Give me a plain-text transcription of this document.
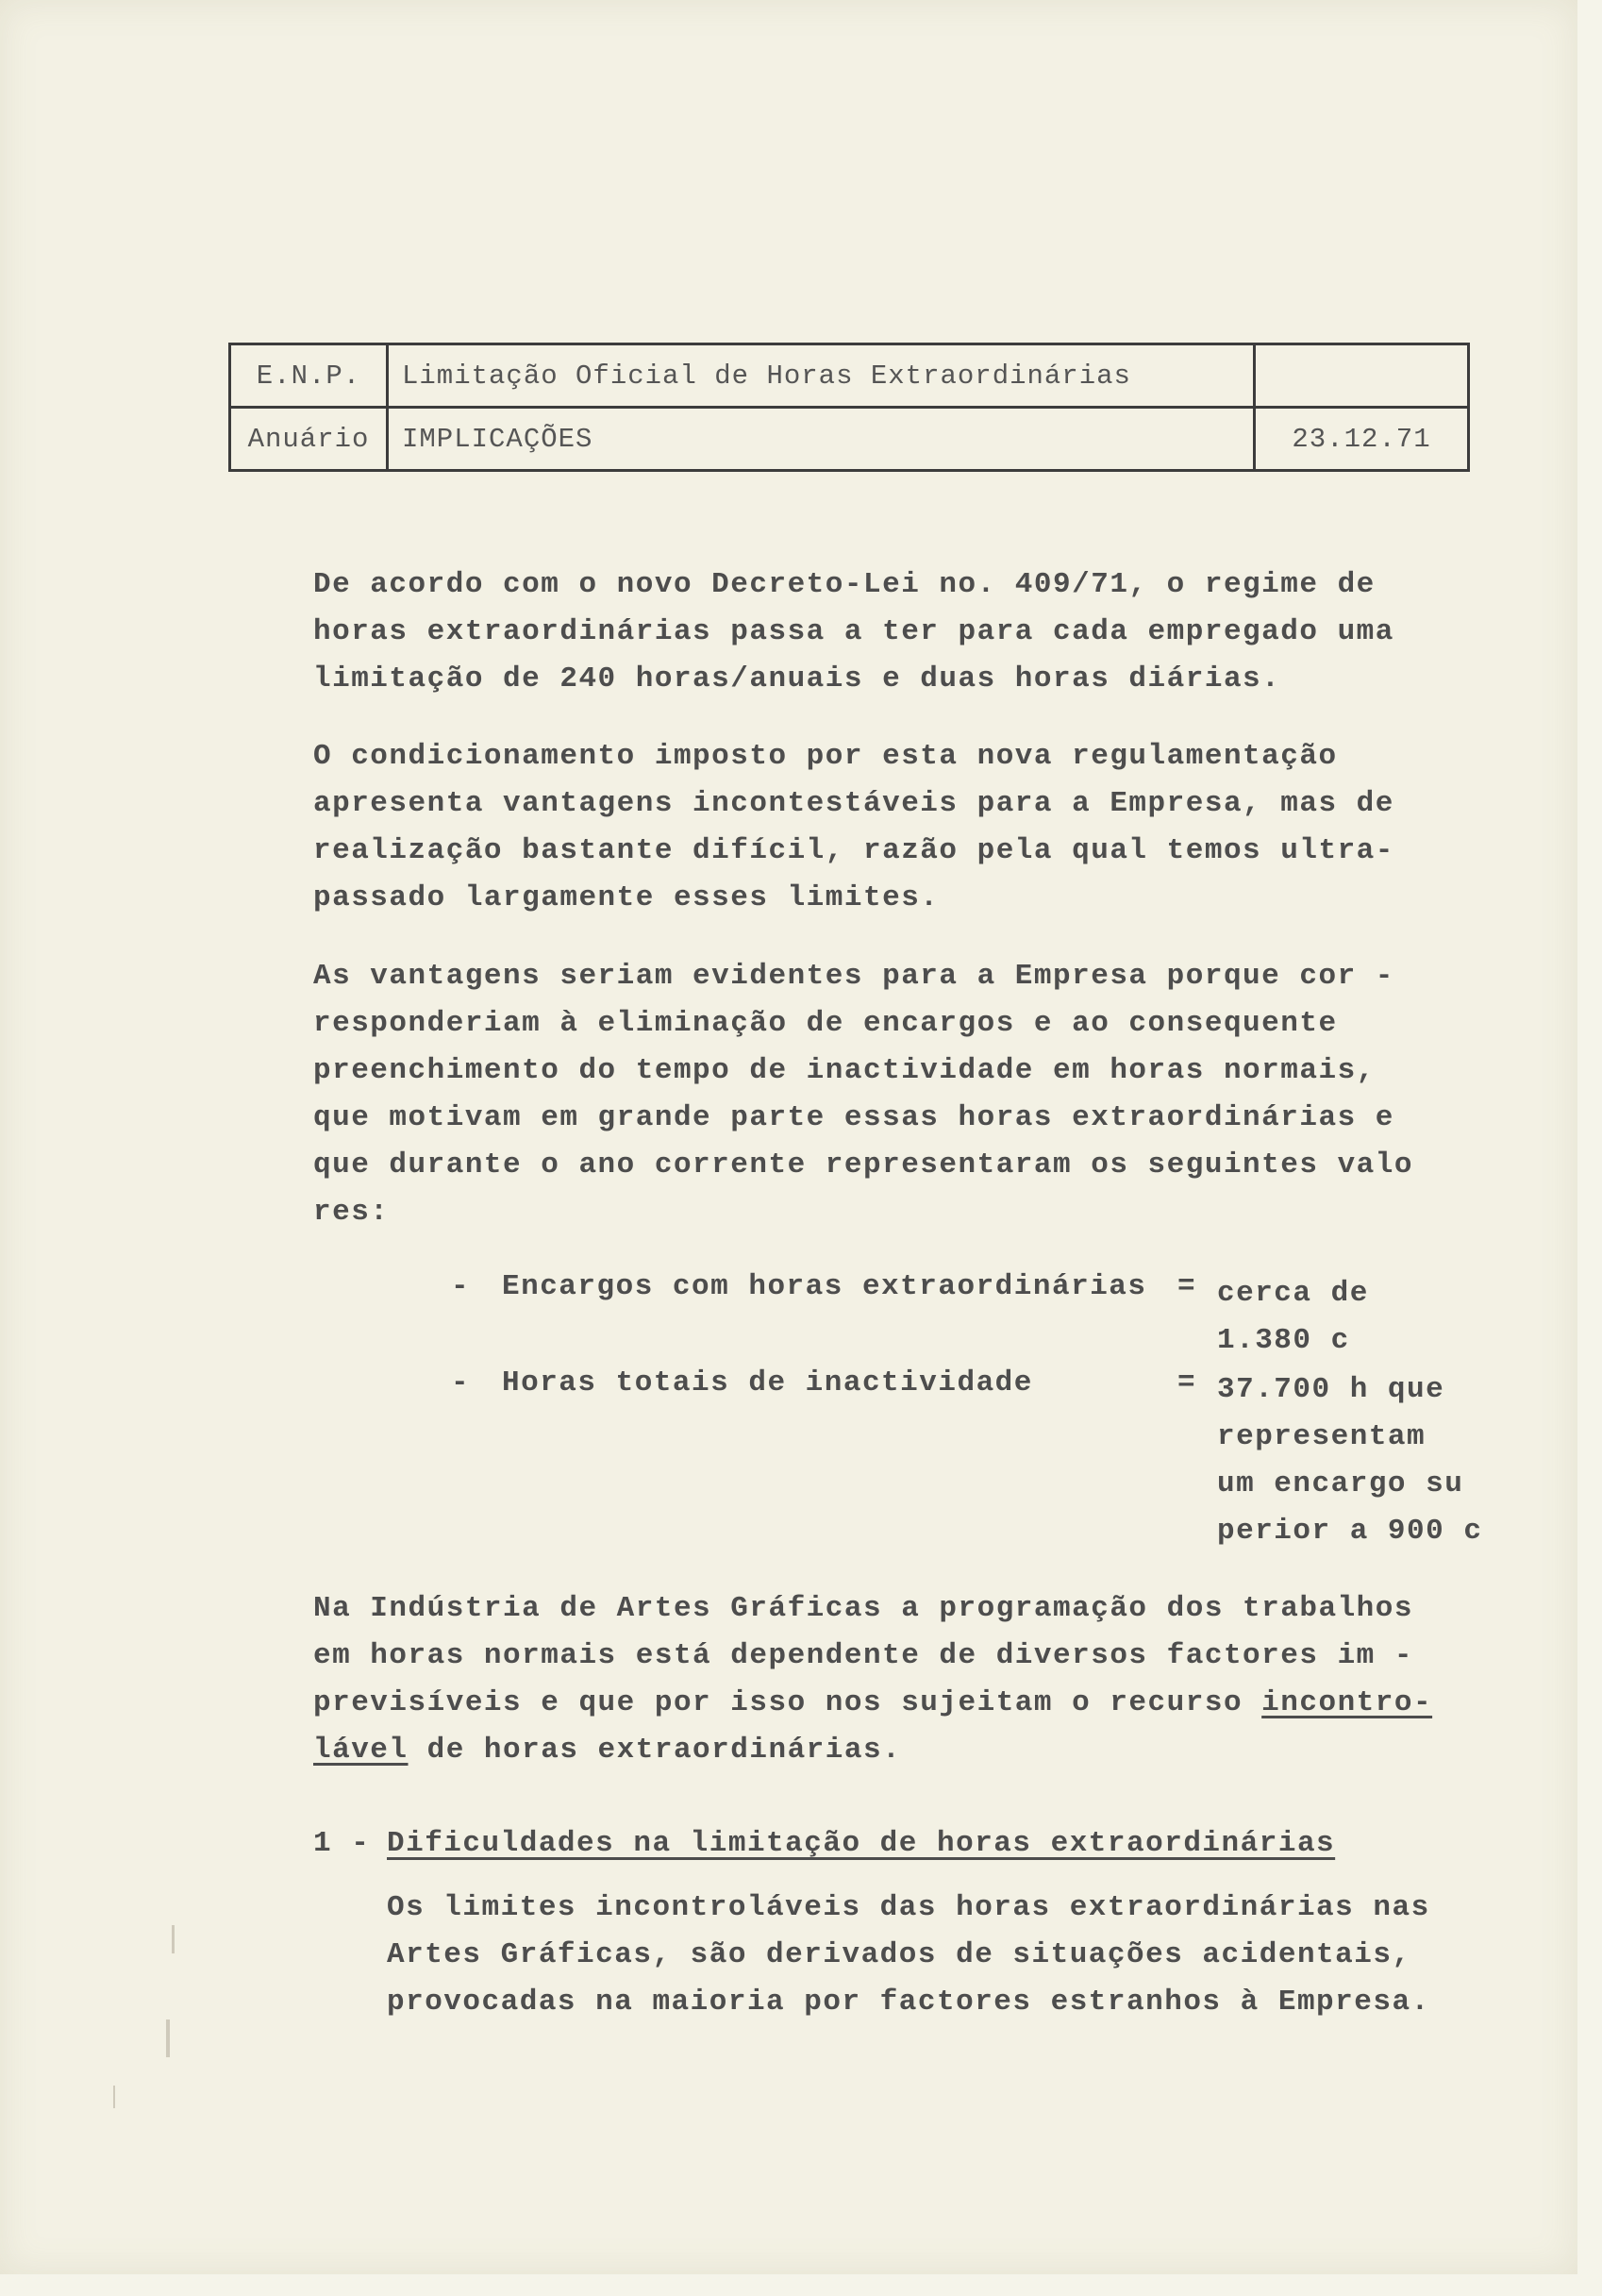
E.N.P.	Limitação Oficial de Horas Extraordinárias	
Anuário	IMPLICAÇÕES	23.12.71

De acordo com o novo Decreto-Lei no. 409/71, o regime de
horas extraordinárias passa a ter para cada empregado uma
limitação de 240 horas/anuais e duas horas diárias.

O condicionamento imposto por esta nova regulamentação
apresenta vantagens incontestáveis para a Empresa, mas de
realização bastante difícil, razão pela qual temos ultra-
passado largamente esses limites.

As vantagens seriam evidentes para a Empresa porque cor -
responderiam à eliminação de encargos e ao consequente
preenchimento do tempo de inactividade em horas normais,
que motivam em grande parte essas horas extraordinárias e
que durante o ano corrente representaram os seguintes valo
res:

- Encargos com horas extraordinárias = cerca de
1.380 c
- Horas totais de inactividade	= 37.700 h que
representam
um encargo su
perior a 900 c

Na Indústria de Artes Gráficas a programação dos trabalhos
em horas normais está dependente de diversos factores im -
previsíveis e que por isso nos sujeitam o recurso incontro-
lável de horas extraordinárias.

1 - Dificuldades na limitação de horas extraordinárias

Os limites incontroláveis das horas extraordinárias nas
Artes Gráficas, são derivados de situações acidentais,
provocadas na maioria por factores estranhos à Empresa.
